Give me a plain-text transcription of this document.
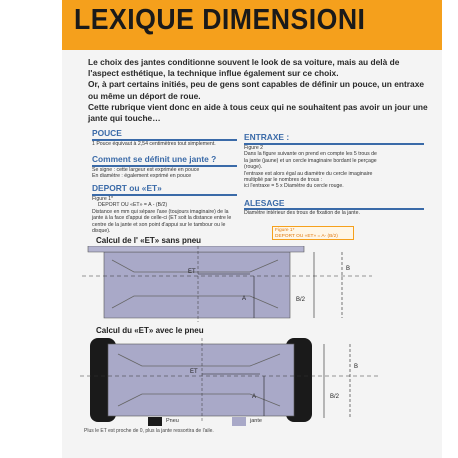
LEXIQUE DIMENSIONI

Le choix des jantes conditionne souvent le look de sa voiture, mais au delà de l'aspect esthétique, la technique influe également sur ce choix.

Or, à part certains initiés, peu de gens sont capables de définir un pouce, un entraxe ou même un déport de roue.

Cette rubrique vient donc en aide à tous ceux qui ne souhaitent pas avoir un jour une jante qui touche…

POUCE
1 Pouce équivaut à 2,54 centimètres tout simplement.
Comment se définit une jante ?
Se signe : cette largeur est exprimée en pouce
En diamètre : également exprimé en pouce
DEPORT ou «ET»
Figure 1*
DEPORT OU «ET» = A - (B/2)
Distance en mm qui sépare l'axe (toujours imaginaire) de la
jante à la face d'appui de celle-ci (ET soit la distance entre le
centre de la jante et son point d'appui sur le tambour ou le
disque).
ENTRAXE :
Figure 2
Dans la figure suivante on prend en compte les 5 trous de
la jante (jaune) et un cercle imaginaire bordant le perçage
(rouge).
l'entraxe est alors égal au diamètre du cercle imaginaire
multiplié par le nombres de trous :
ici l'entraxe = 5 x Diamètre du cercle rouge.
ALESAGE
Diamètre intérieur des trous de fixation de la jante.
Figure 1*
DEPORT OU «ET» = A- (B/2)
Calcul de l' «ET» sans pneu
ET
A	B/2
B
Calcul du «ET» avec le pneu
ET
A	B/2
B
Pneu	jante
Plus le ET est proche de 0, plus la jante ressortira de l'aile.
